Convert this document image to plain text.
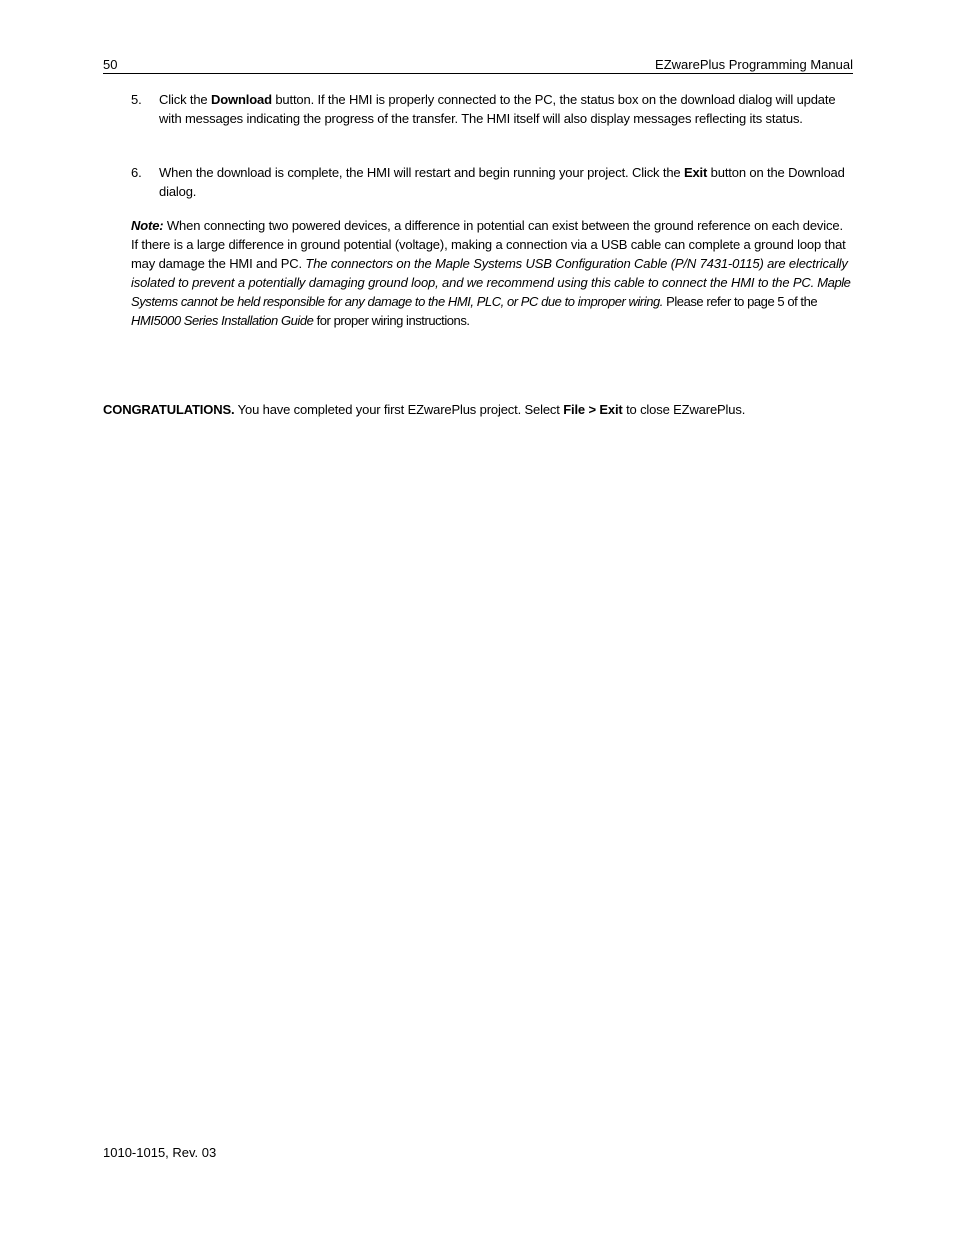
50	EZwarePlus Programming Manual
5.	Click the Download button. If the HMI is properly connected to the PC, the status box on the download dialog will update with messages indicating the progress of the transfer. The HMI itself will also display messages reflecting its status.
6.	When the download is complete, the HMI will restart and begin running your project. Click the Exit button on the Download dialog.
Note: When connecting two powered devices, a difference in potential can exist between the ground reference on each device. If there is a large difference in ground potential (voltage), making a connection via a USB cable can complete a ground loop that may damage the HMI and PC. The connectors on the Maple Systems USB Configuration Cable (P/N 7431-0115) are electrically isolated to prevent a potentially damaging ground loop, and we recommend using this cable to connect the HMI to the PC. Maple Systems cannot be held responsible for any damage to the HMI, PLC, or PC due to improper wiring. Please refer to page 5 of the HMI5000 Series Installation Guide for proper wiring instructions.
CONGRATULATIONS. You have completed your first EZwarePlus project. Select File > Exit to close EZwarePlus.
1010-1015, Rev. 03
